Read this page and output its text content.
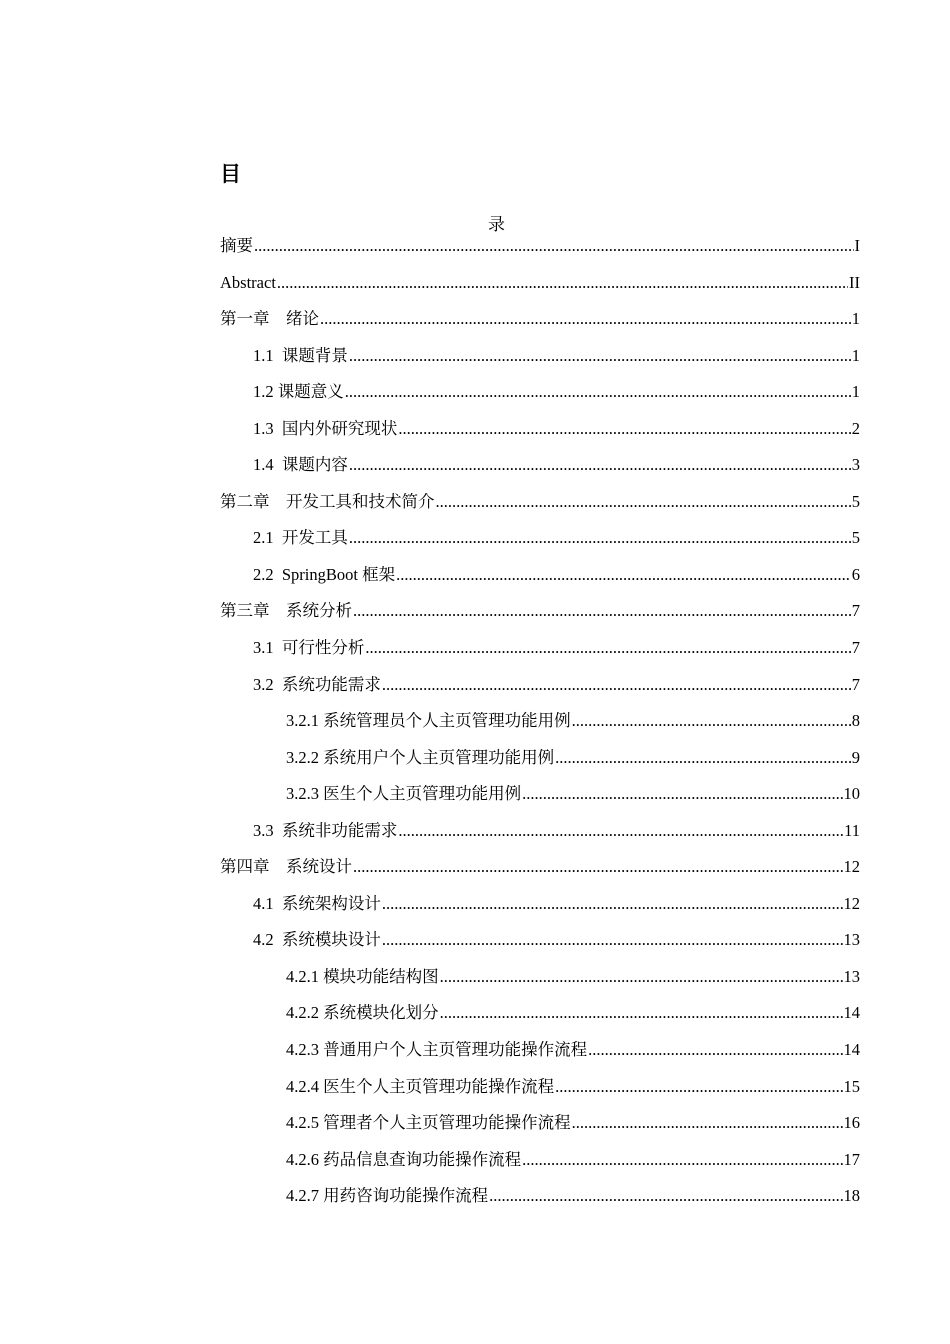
目
录
摘要 .....	I
Abstract .....	II
第一章　绪论 .....	1
1.1  课题背景 .....	1
1.2 课题意义 .....	1
1.3  国内外研究现状 .....	2
1.4  课题内容 .....	3
第二章　开发工具和技术简介 .....	5
2.1  开发工具 .....	5
2.2  SpringBoot 框架 .....	6
第三章　系统分析 .....	7
3.1  可行性分析 .....	7
3.2  系统功能需求 .....	7
3.2.1 系统管理员个人主页管理功能用例 .....	8
3.2.2 系统用户个人主页管理功能用例 .....	9
3.2.3 医生个人主页管理功能用例 .....	10
3.3  系统非功能需求 .....	11
第四章　系统设计 .....	12
4.1  系统架构设计 .....	12
4.2  系统模块设计 .....	13
4.2.1 模块功能结构图 .....	13
4.2.2 系统模块化划分 .....	14
4.2.3 普通用户个人主页管理功能操作流程 .....	14
4.2.4 医生个人主页管理功能操作流程 .....	15
4.2.5 管理者个人主页管理功能操作流程 .....	16
4.2.6 药品信息查询功能操作流程 .....	17
4.2.7 用药咨询功能操作流程 .....	18
